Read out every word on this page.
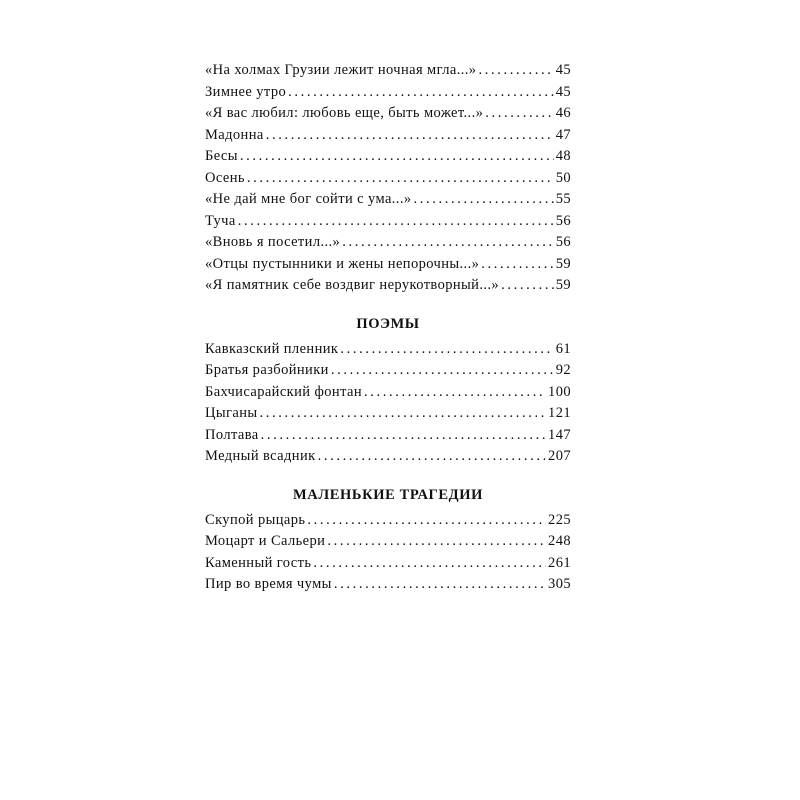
«На холмах Грузии лежит ночная мгла...» . . .	45
Зимнее утро . . .	45
«Я вас любил: любовь еще, быть может...» . . .	46
Мадонна . . .	47
Бесы . . .	48
Осень . . .	50
«Не дай мне бог сойти с ума...» . . .	55
Туча . . .	56
«Вновь я посетил...» . . .	56
«Отцы пустынники и жены непорочны...» . . .	59
«Я памятник себе воздвиг нерукотворный...» . . .	59
ПОЭМЫ
Кавказский пленник . . .	61
Братья разбойники . . .	92
Бахчисарайский фонтан . . .	100
Цыганы . . .	121
Полтава . . .	147
Медный всадник . . .	207
МАЛЕНЬКИЕ ТРАГЕДИИ
Скупой рыцарь . . .	225
Моцарт и Сальери . . .	248
Каменный гость . . .	261
Пир во время чумы . . .	305
